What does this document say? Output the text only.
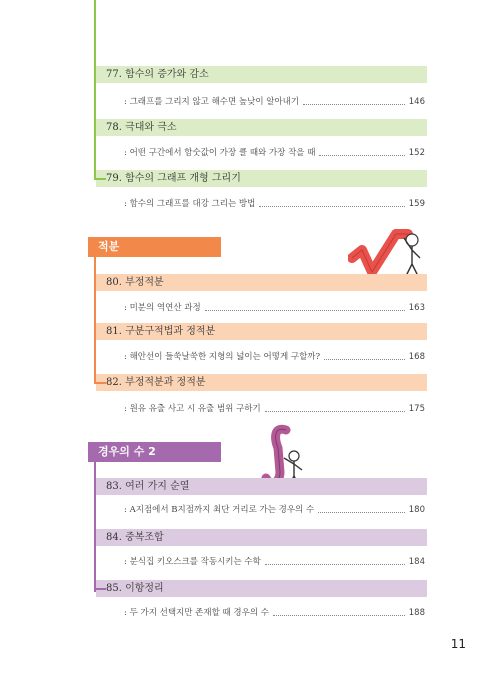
77. 함수의 증가와 감소
: 그래프를 그리지 않고 해수면 높낮이 알아내기	146
78. 극대와 극소
: 어떤 구간에서 함숫값이 가장 클 때와 가장 작을 때	152
79. 함수의 그래프 개형 그리기
: 함수의 그래프를 대강 그리는 방법	159
적분
80. 부정적분
: 미분의 역연산 과정	163
81. 구분구적법과 정적분
: 해안선이 들쑥날쑥한 지형의 넓이는 어떻게 구할까?	168
82. 부정적분과 정적분
: 원유 유출 사고 시 유출 범위 구하기	175
경우의 수 2
83. 여러 가지 순열
: A지점에서 B지점까지 최단 거리로 가는 경우의 수	180
84. 중복조합
: 분식집 키오스크를 작동시키는 수학	184
85. 이항정리
: 두 가지 선택지만 존재할 때 경우의 수	188
11
